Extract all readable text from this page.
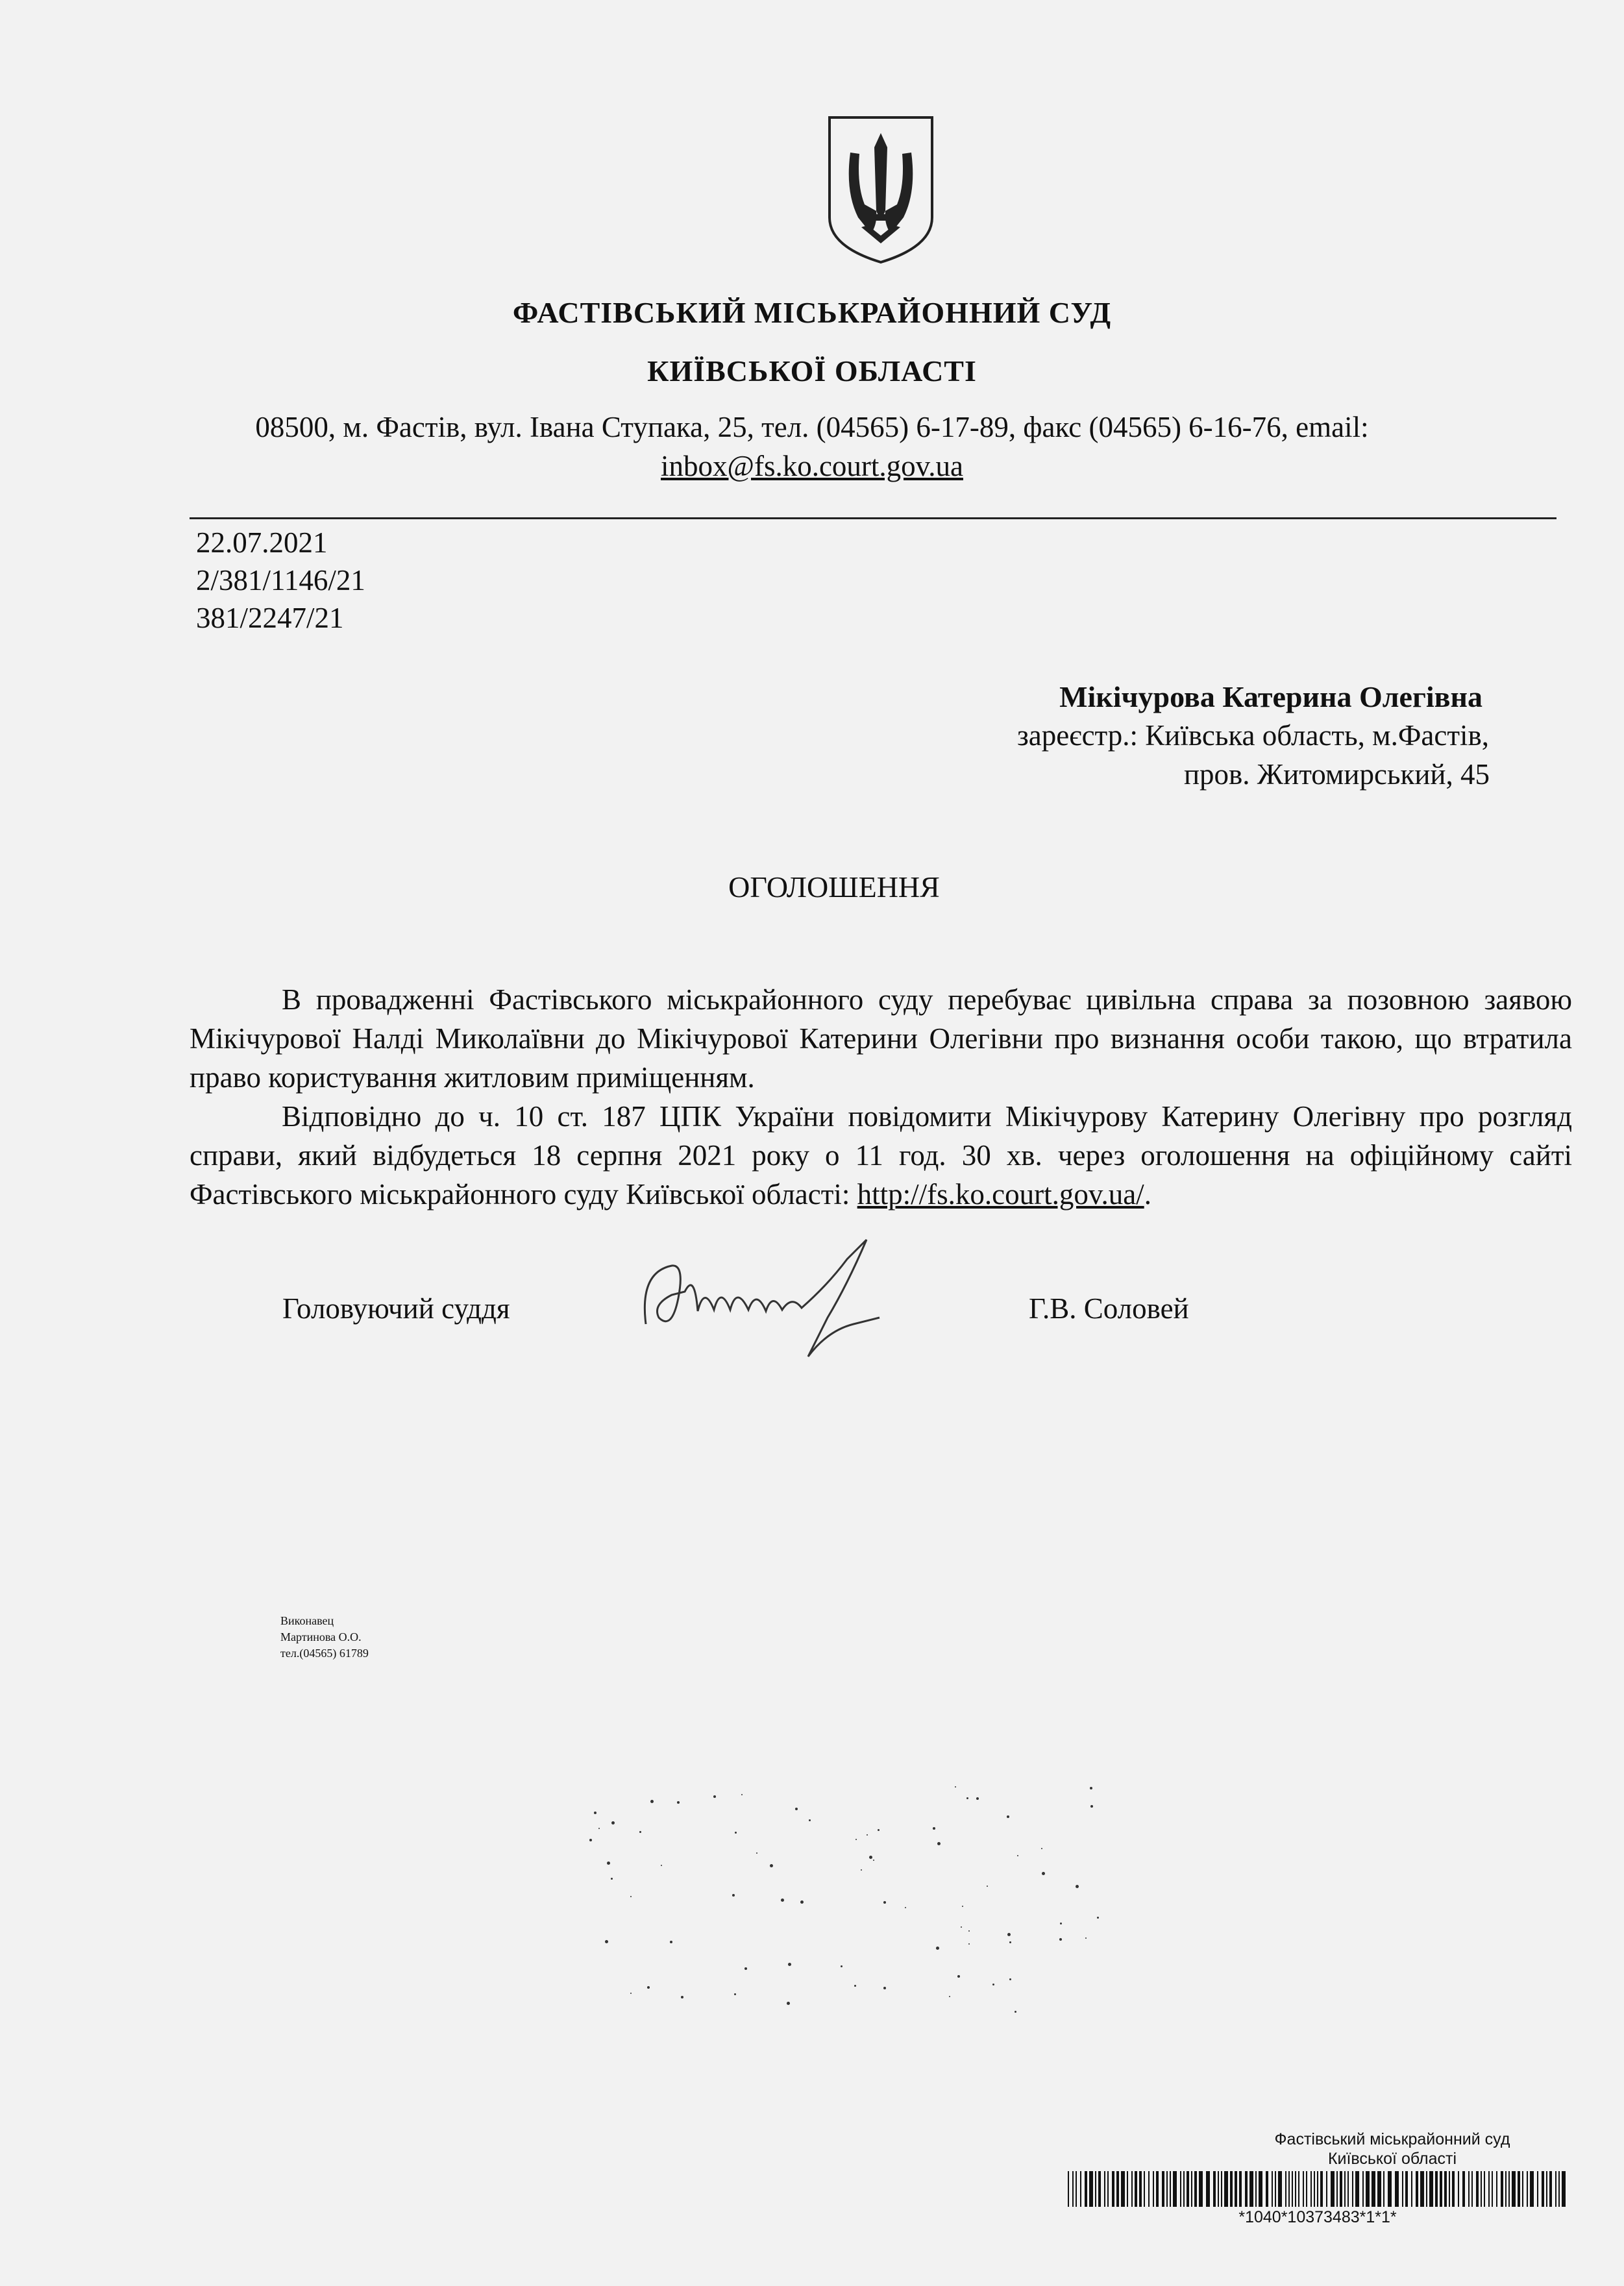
ФАСТІВСЬКИЙ МІСЬКРАЙОННИЙ СУД
КИЇВСЬКОЇ ОБЛАСТІ
08500, м. Фастів, вул. Івана Ступака, 25, тел. (04565) 6-17-89, факс (04565) 6-16-76, email:
inbox@fs.ko.court.gov.ua
22.07.2021
2/381/1146/21
381/2247/21
Мікічурова Катерина Олегівна
зареєстр.: Київська область, м.Фастів,
пров. Житомирський, 45
ОГОЛОШЕННЯ

В провадженні Фастівського міськрайонного суду перебуває цивільна справа за позовною заявою Мікічурової Налді Миколаївни до Мікічурової Катерини Олегівни про визнання особи такою, що втратила право користування житловим приміщенням.

Відповідно до ч. 10 ст. 187 ЦПК України повідомити Мікічурову Катерину Олегівну про розгляд справи, який відбудеться 18 серпня 2021 року о 11 год. 30 хв. через оголошення на офіційному сайті Фастівського міськрайонного суду Київської області: http://fs.ko.court.gov.ua/.

Головуючий суддя	Г.В. Соловей
Виконавец
Мартинова О.О.
тел.(04565) 61789
Фастівський міськрайонний суд
Київської області
*1040*10373483*1*1*
